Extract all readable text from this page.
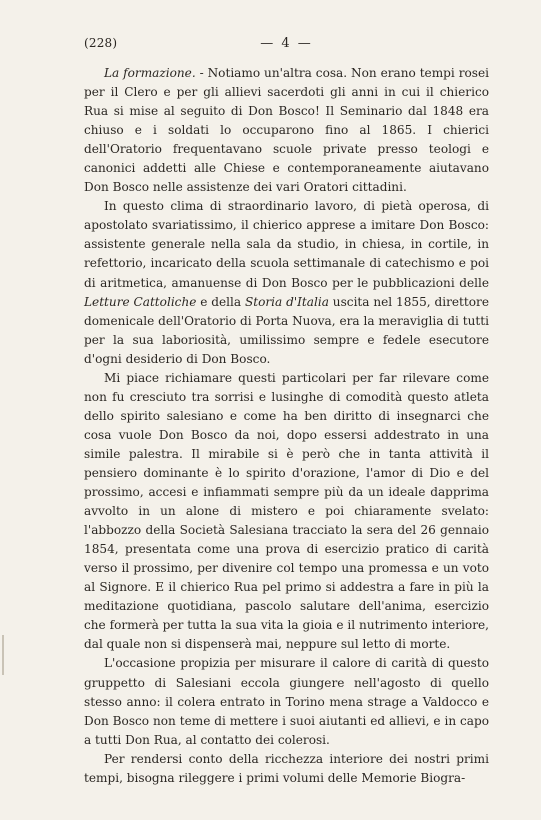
(228)	— 4 —

La formazione. - Notiamo un'altra cosa. Non erano tempi rosei per il Clero e per gli allievi sacerdoti gli anni in cui il chierico Rua si mise al seguito di Don Bosco! Il Seminario dal 1848 era chiuso e i soldati lo occuparono fino al 1865. I chierici dell'Oratorio frequentavano scuole private presso teologi e canonici addetti alle Chiese e contemporaneamente aiutavano Don Bosco nelle assistenze dei vari Oratori cittadini.

In questo clima di straordinario lavoro, di pietà operosa, di apostolato svariatissimo, il chierico apprese a imitare Don Bosco: assistente generale nella sala da studio, in chiesa, in cortile, in refettorio, incaricato della scuola settimanale di catechismo e poi di aritmetica, amanuense di Don Bosco per le pubblicazioni delle Letture Cattoliche e della Storia d'Italia uscita nel 1855, direttore domenicale dell'Oratorio di Porta Nuova, era la meraviglia di tutti per la sua laboriosità, umilissimo sempre e fedele esecutore d'ogni desiderio di Don Bosco.

Mi piace richiamare questi particolari per far rilevare come non fu cresciuto tra sorrisi e lusinghe di comodità questo atleta dello spirito salesiano e come ha ben diritto di insegnarci che cosa vuole Don Bosco da noi, dopo essersi addestrato in una simile palestra. Il mirabile si è però che in tanta attività il pensiero dominante è lo spirito d'orazione, l'amor di Dio e del prossimo, accesi e infiammati sempre più da un ideale dapprima avvolto in un alone di mistero e poi chiaramente svelato: l'abbozzo della Società Salesiana tracciato la sera del 26 gennaio 1854, presentata come una prova di esercizio pratico di carità verso il prossimo, per divenire col tempo una promessa e un voto al Signore. E il chierico Rua pel primo si addestra a fare in più la meditazione quotidiana, pascolo salutare dell'anima, esercizio che formerà per tutta la sua vita la gioia e il nutrimento interiore, dal quale non si dispenserà mai, neppure sul letto di morte.

L'occasione propizia per misurare il calore di carità di questo gruppetto di Salesiani eccola giungere nell'agosto di quello stesso anno: il colera entrato in Torino mena strage a Valdocco e Don Bosco non teme di mettere i suoi aiutanti ed allievi, e in capo a tutti Don Rua, al contatto dei colerosi.

Per rendersi conto della ricchezza interiore dei nostri primi tempi, bisogna rileggere i primi volumi delle Memorie Biogra-
